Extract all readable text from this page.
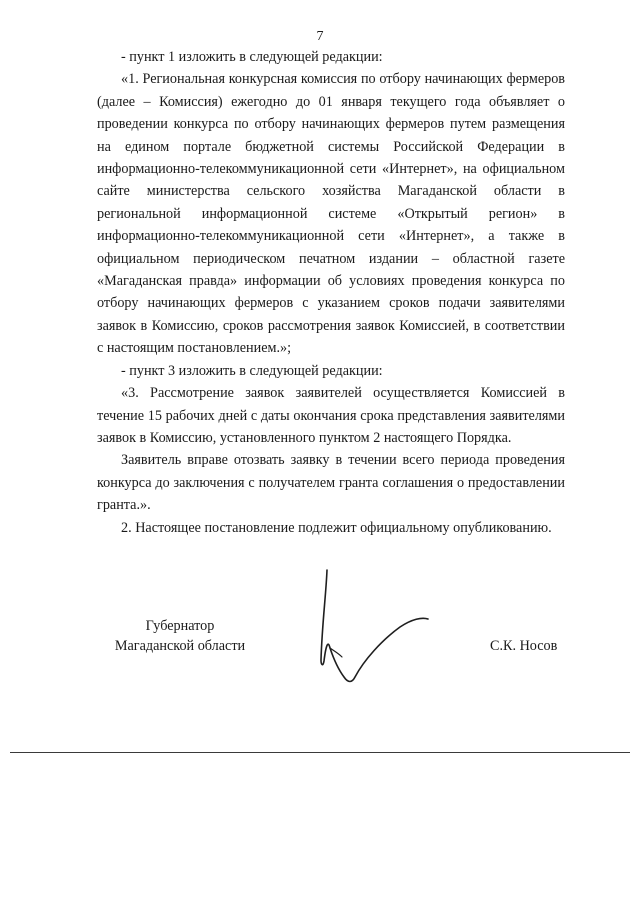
7

- пункт 1 изложить в следующей редакции:

«1. Региональная конкурсная комиссия по отбору начинающих фермеров (далее – Комиссия) ежегодно до 01 января текущего года объявляет о проведении конкурса по отбору начинающих фермеров путем размещения на едином портале бюджетной системы Российской Федерации в информационно-телекоммуникационной сети «Интернет», на официальном сайте министерства сельского хозяйства Магаданской области в региональной информационной системе «Открытый регион» в информационно-телекоммуникационной сети «Интернет», а также в официальном периодическом печатном издании – областной газете «Магаданская правда» информации об условиях проведения конкурса по отбору начинающих фермеров с указанием сроков подачи заявителями заявок в Комиссию, сроков рассмотрения заявок Комиссией, в соответствии с настоящим постановлением.»;

- пункт 3 изложить в следующей редакции:

«3. Рассмотрение заявок заявителей осуществляется Комиссией в течение 15 рабочих дней с даты окончания срока представления заявителями заявок в Комиссию, установленного пунктом 2 настоящего Порядка.

Заявитель вправе отозвать заявку в течении всего периода проведения конкурса до заключения с получателем гранта соглашения о предоставлении гранта.».

2. Настоящее постановление подлежит официальному опубликованию.

Губернатор
Магаданской области	С.К. Носов
